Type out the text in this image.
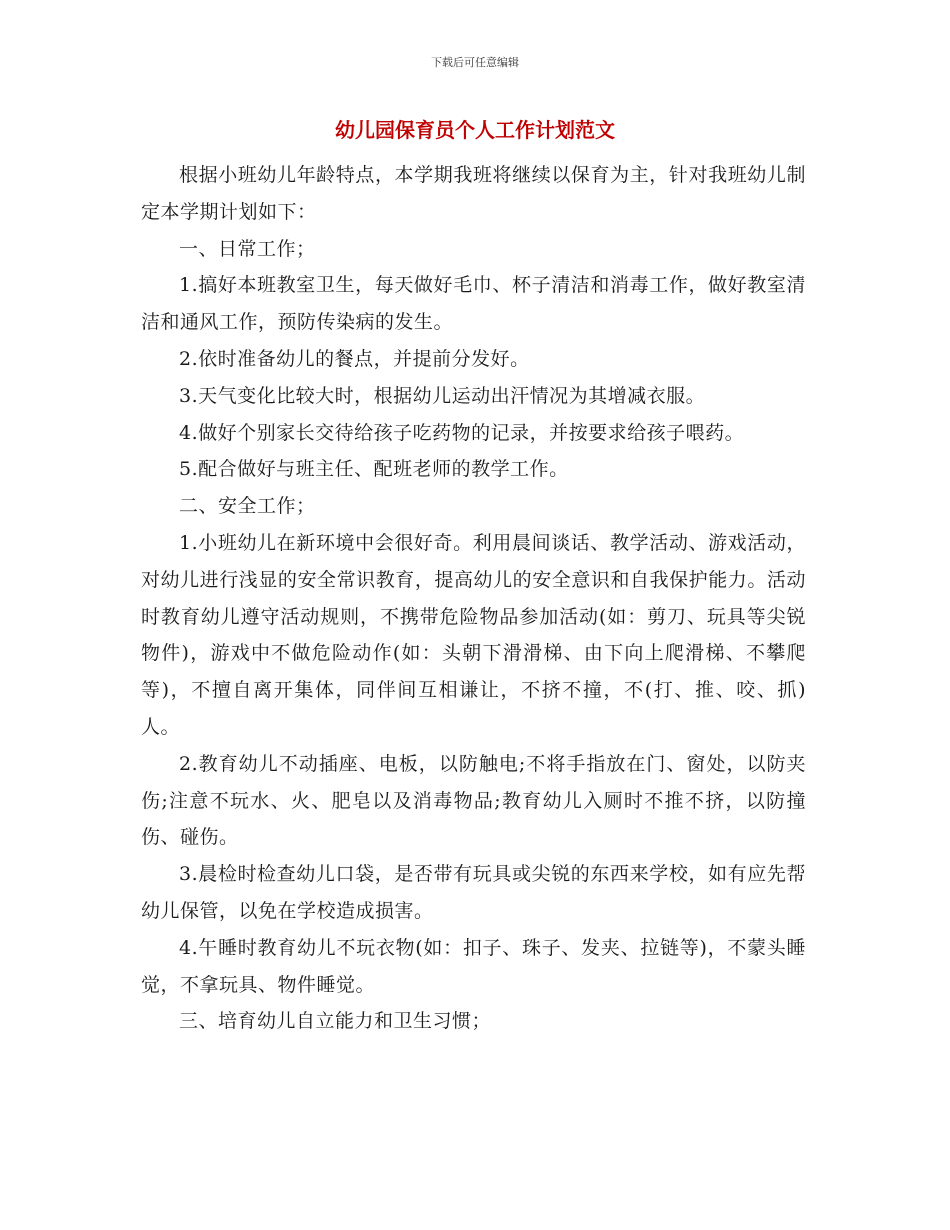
下载后可任意编辑
幼儿园保育员个人工作计划范文

根据小班幼儿年龄特点，本学期我班将继续以保育为主，针对我班幼儿制定本学期计划如下：

一、日常工作；

1.搞好本班教室卫生，每天做好毛巾、杯子清洁和消毒工作，做好教室清洁和通风工作，预防传染病的发生。

2.依时准备幼儿的餐点，并提前分发好。

3.天气变化比较大时，根据幼儿运动出汗情况为其增减衣服。

4.做好个别家长交待给孩子吃药物的记录，并按要求给孩子喂药。

5.配合做好与班主任、配班老师的教学工作。

二、安全工作；

1.小班幼儿在新环境中会很好奇。利用晨间谈话、教学活动、游戏活动，对幼儿进行浅显的安全常识教育，提高幼儿的安全意识和自我保护能力。活动时教育幼儿遵守活动规则，不携带危险物品参加活动(如：剪刀、玩具等尖锐物件)，游戏中不做危险动作(如：头朝下滑滑梯、由下向上爬滑梯、不攀爬等)，不擅自离开集体，同伴间互相谦让，不挤不撞，不(打、推、咬、抓)人。

2.教育幼儿不动插座、电板，以防触电;不将手指放在门、窗处，以防夹伤;注意不玩水、火、肥皂以及消毒物品;教育幼儿入厕时不推不挤，以防撞伤、碰伤。

3.晨检时检查幼儿口袋，是否带有玩具或尖锐的东西来学校，如有应先帮幼儿保管，以免在学校造成损害。

4.午睡时教育幼儿不玩衣物(如：扣子、珠子、发夹、拉链等)，不蒙头睡觉，不拿玩具、物件睡觉。

三、培育幼儿自立能力和卫生习惯；
